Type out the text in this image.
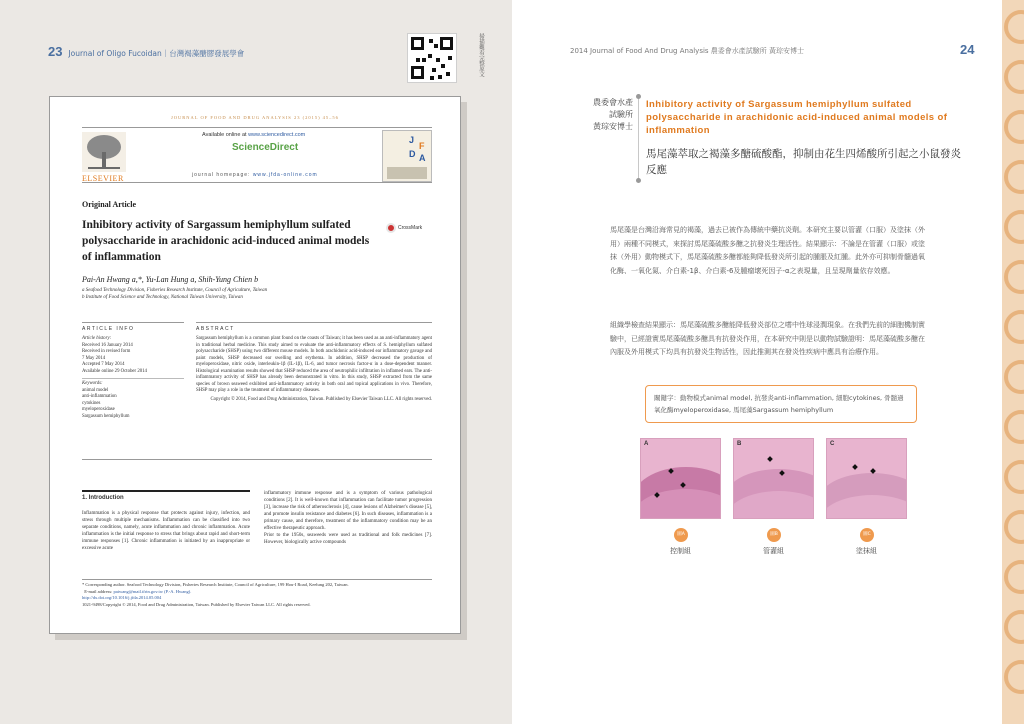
23 Journal of Oligo Fucoidan｜台灣褐藻醣膠發展學會	掃描觀看完整原文
JOURNAL OF FOOD AND DRUG ANALYSIS 23 (2015) 45–56
ELSEVIER
Available online at www.sciencedirect.com
ScienceDirect
journal homepage: www.jfda-online.com
J
F
D A
Original Article
Inhibitory activity of Sargassum hemiphyllum sulfated polysaccharide in arachidonic acid-induced animal models of inflammation
CrossMark
Pai-An Hwang a,*, Yu-Lan Hung a, Shih-Yung Chien b
a Seafood Technology Division, Fisheries Research Institute, Council of Agriculture, Taiwan
b Institute of Food Science and Technology, National Taiwan University, Taiwan
ARTICLE INFO	ABSTRACT
Article history:
Received 16 January 2014
Received in revised form
7 May 2014
Accepted 7 May 2014
Available online 29 October 2014
Keywords:
animal model
anti-inflammation
cytokines
myeloperoxidase
Sargassum hemiphyllum
Sargassum hemiphyllum is a common plant found on the coasts of Taiwan; it has been used as an anti-inflammatory agent in traditional herbal medicine. This study aimed to evaluate the anti-inflammatory effects of S. hemiphyllum sulfated polysaccharide (SHSP) using two different mouse models. In both arachidonic acid-induced ear inflammatory gavage and paint models, SHSP decreased ear swelling and erythema. In addition, SHSP decreased the production of myeloperoxidase, nitric oxide, interleukin-1β (IL-1β), IL-6, and tumor necrosis factor-α in a dose-dependent manner. Histological examination results showed that SHSP reduced the area of neutrophilic infiltration in inflamed ears. The anti-inflammatory activity of SHSP has already been demonstrated in vitro. In this study, SHSP extracted from the same species of brown seaweed exhibited anti-inflammatory activity in both oral and topical applications in vivo. Therefore, SHSP may play a role in the treatment of inflammatory diseases.
Copyright © 2014, Food and Drug Administration, Taiwan. Published by Elsevier Taiwan LLC. All rights reserved.
1. Introduction
Inflammation is a physical response that protects against injury, infection, and stress through multiple mechanisms. Inflammation can be classified into two separate conditions, namely, acute inflammation and chronic inflammation. Acute inflammation is the initial response to stress that brings about rapid and short-term immune responses [1]. Chronic inflammation is initiated by an inappropriate or excessive acute
inflammatory immune response and is a symptom of various pathological conditions [2]. It is well-known that inflammation can facilitate tumor progression [3], increase the risk of atherosclerosis [4], cause lesions of Alzheimer's disease [5], and promote insulin resistance and diabetes [6]. In such diseases, inflammation is a primary cause, and therefore, treatment of the inflammatory condition may be an effective therapeutic approach.
Prior to the 1950s, seaweeds were used as traditional and folk medicines [7]. However, biologically active compounds
* Corresponding author. Seafood Technology Division, Fisheries Research Institute, Council of Agriculture, 199 Hou-I Road, Keelung 202, Taiwan.
E-mail address: paiwang@mail.tfrin.gov.tw (P.-A. Hwang).
http://dx.doi.org/10.1016/j.jfda.2014.05.004
1021-9498/Copyright © 2014, Food and Drug Administration, Taiwan. Published by Elsevier Taiwan LLC. All rights reserved.
2014 Journal of Food And Drug Analysis 農委會水產試驗所 黃琮安博士	24
農委會水產
試驗所
黃琮安博士
Inhibitory activity of Sargassum hemiphyllum sulfated polysaccharide in arachidonic acid-induced animal models of inflammation
馬尾藻萃取之褐藻多醣硫酸酯，抑制由花生四烯酸所引起之小鼠發炎反應
馬尾藻是台灣沿海常見的褐藻，過去已被作為傳統中藥抗炎劑。本研究主要以管灌（口服）及塗抹（外用）兩種不同模式，來探討馬尾藻硫酸多醣之抗發炎生理活性。結果顯示：不論是在管灌（口服）或塗抹（外用）動物模式下，馬尾藻硫酸多醣都能夠降低發炎所引起的腫脹及紅腫。此外亦可抑制骨髓過氧化酶、一氧化氮、介白素-1β、介白素-6及腫瘤壞死因子-α之表現量，且呈現劑量依存效應。
組織學檢查結果顯示：馬尾藻硫酸多醣能降低發炎部位之嗜中性球浸潤現象。在我們先前的細胞機制實驗中，已經證實馬尾藻硫酸多醣具有抗發炎作用，在本研究中則是以動物試驗證明：馬尾藻硫酸多醣在內服及外用模式下均具有抗發炎生物活性，因此推測其在發炎性疾病中應具有治療作用。
關鍵字：動物模式animal model, 抗發炎anti-inflammation, 細胞cytokines, 骨髓過氧化酶myeloperoxidase, 馬尾藻Sargassum hemiphyllum
A	B	C
圖A	圖B	圖C
控制組	管灌組	塗抹組
